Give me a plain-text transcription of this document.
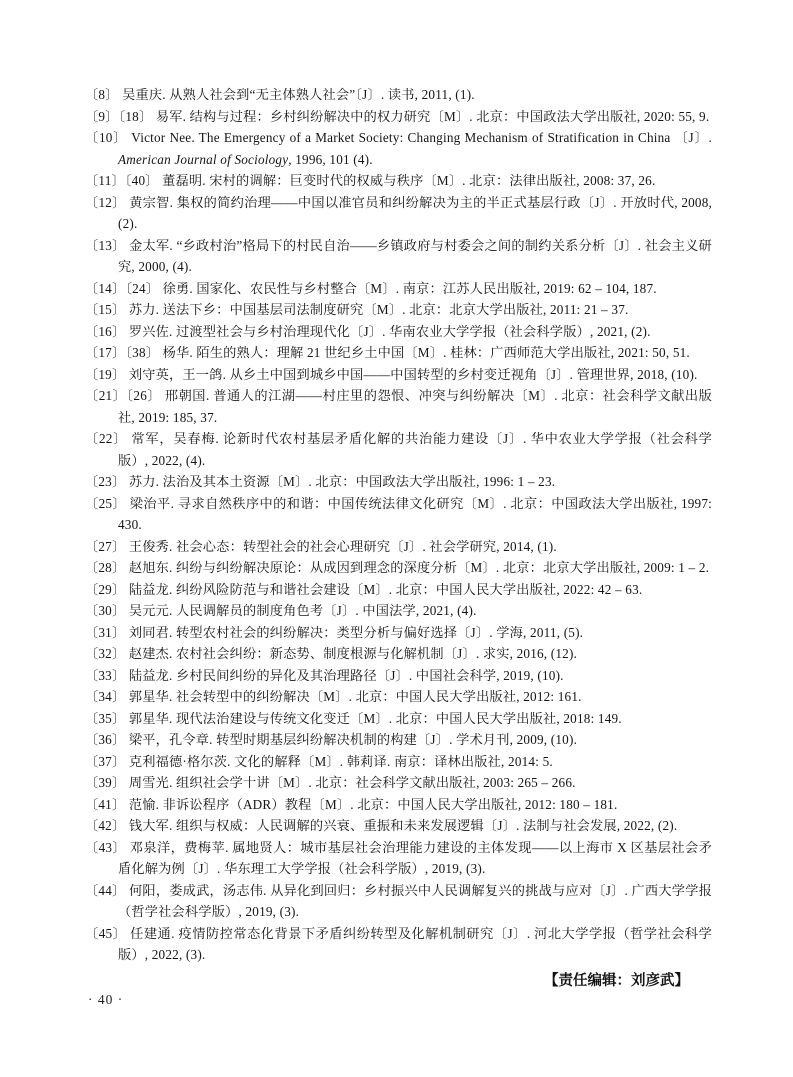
〔8〕 吴重庆. 从熟人社会到“无主体熟人社会”〔J〕. 读书, 2011, (1).

〔9〕〔18〕 易军. 结构与过程：乡村纠纷解决中的权力研究〔M〕. 北京：中国政法大学出版社, 2020: 55, 9.

〔10〕 Victor Nee. The Emergency of a Market Society: Changing Mechanism of Stratification in China 〔J〕. American Journal of Sociology, 1996, 101 (4).

〔11〕〔40〕 董磊明. 宋村的调解：巨变时代的权威与秩序〔M〕. 北京：法律出版社, 2008: 37, 26.

〔12〕 黄宗智. 集权的简约治理——中国以准官员和纠纷解决为主的半正式基层行政〔J〕. 开放时代, 2008, (2).

〔13〕 金太军. “乡政村治”格局下的村民自治——乡镇政府与村委会之间的制约关系分析〔J〕. 社会主义研究, 2000, (4).

〔14〕〔24〕 徐勇. 国家化、农民性与乡村整合〔M〕. 南京：江苏人民出版社, 2019: 62 – 104, 187.

〔15〕 苏力. 送法下乡：中国基层司法制度研究〔M〕. 北京：北京大学出版社, 2011: 21 – 37.

〔16〕 罗兴佐. 过渡型社会与乡村治理现代化〔J〕. 华南农业大学学报（社会科学版）, 2021, (2).

〔17〕〔38〕 杨华. 陌生的熟人：理解 21 世纪乡土中国〔M〕. 桂林：广西师范大学出版社, 2021: 50, 51.

〔19〕 刘守英，王一鸽. 从乡土中国到城乡中国——中国转型的乡村变迁视角〔J〕. 管理世界, 2018, (10).

〔21〕〔26〕 邢朝国. 普通人的江湖——村庄里的怨恨、冲突与纠纷解决〔M〕. 北京：社会科学文献出版社, 2019: 185, 37.

〔22〕 常军，吴春梅. 论新时代农村基层矛盾化解的共治能力建设〔J〕. 华中农业大学学报（社会科学版）, 2022, (4).

〔23〕 苏力. 法治及其本土资源〔M〕. 北京：中国政法大学出版社, 1996: 1 – 23.

〔25〕 梁治平. 寻求自然秩序中的和谐：中国传统法律文化研究〔M〕. 北京：中国政法大学出版社, 1997: 430.

〔27〕 王俊秀. 社会心态：转型社会的社会心理研究〔J〕. 社会学研究, 2014, (1).

〔28〕 赵旭东. 纠纷与纠纷解决原论：从成因到理念的深度分析〔M〕. 北京：北京大学出版社, 2009: 1 – 2.

〔29〕 陆益龙. 纠纷风险防范与和谐社会建设〔M〕. 北京：中国人民大学出版社, 2022: 42 – 63.

〔30〕 吴元元. 人民调解员的制度角色考〔J〕. 中国法学, 2021, (4).

〔31〕 刘同君. 转型农村社会的纠纷解决：类型分析与偏好选择〔J〕. 学海, 2011, (5).

〔32〕 赵建杰. 农村社会纠纷：新态势、制度根源与化解机制〔J〕. 求实, 2016, (12).

〔33〕 陆益龙. 乡村民间纠纷的异化及其治理路径〔J〕. 中国社会科学, 2019, (10).

〔34〕 郭星华. 社会转型中的纠纷解决〔M〕. 北京：中国人民大学出版社, 2012: 161.

〔35〕 郭星华. 现代法治建设与传统文化变迁〔M〕. 北京：中国人民大学出版社, 2018: 149.

〔36〕 梁平，孔令章. 转型时期基层纠纷解决机制的构建〔J〕. 学术月刊, 2009, (10).

〔37〕 克利福德·格尔茨. 文化的解释〔M〕. 韩莉译. 南京：译林出版社, 2014: 5.

〔39〕 周雪光. 组织社会学十讲〔M〕. 北京：社会科学文献出版社, 2003: 265 – 266.

〔41〕 范愉. 非诉讼程序（ADR）教程〔M〕. 北京：中国人民大学出版社, 2012: 180 – 181.

〔42〕 钱大军. 组织与权威：人民调解的兴衰、重振和未来发展逻辑〔J〕. 法制与社会发展, 2022, (2).

〔43〕 邓泉洋，费梅苹. 属地贤人：城市基层社会治理能力建设的主体发现——以上海市 X 区基层社会矛盾化解为例〔J〕. 华东理工大学学报（社会科学版）, 2019, (3).

〔44〕 何阳，娄成武，汤志伟. 从异化到回归：乡村振兴中人民调解复兴的挑战与应对〔J〕. 广西大学学报（哲学社会科学版）, 2019, (3).

〔45〕 任建通. 疫情防控常态化背景下矛盾纠纷转型及化解机制研究〔J〕. 河北大学学报（哲学社会科学版）, 2022, (3).

【责任编辑：刘彦武】
· 40 ·
